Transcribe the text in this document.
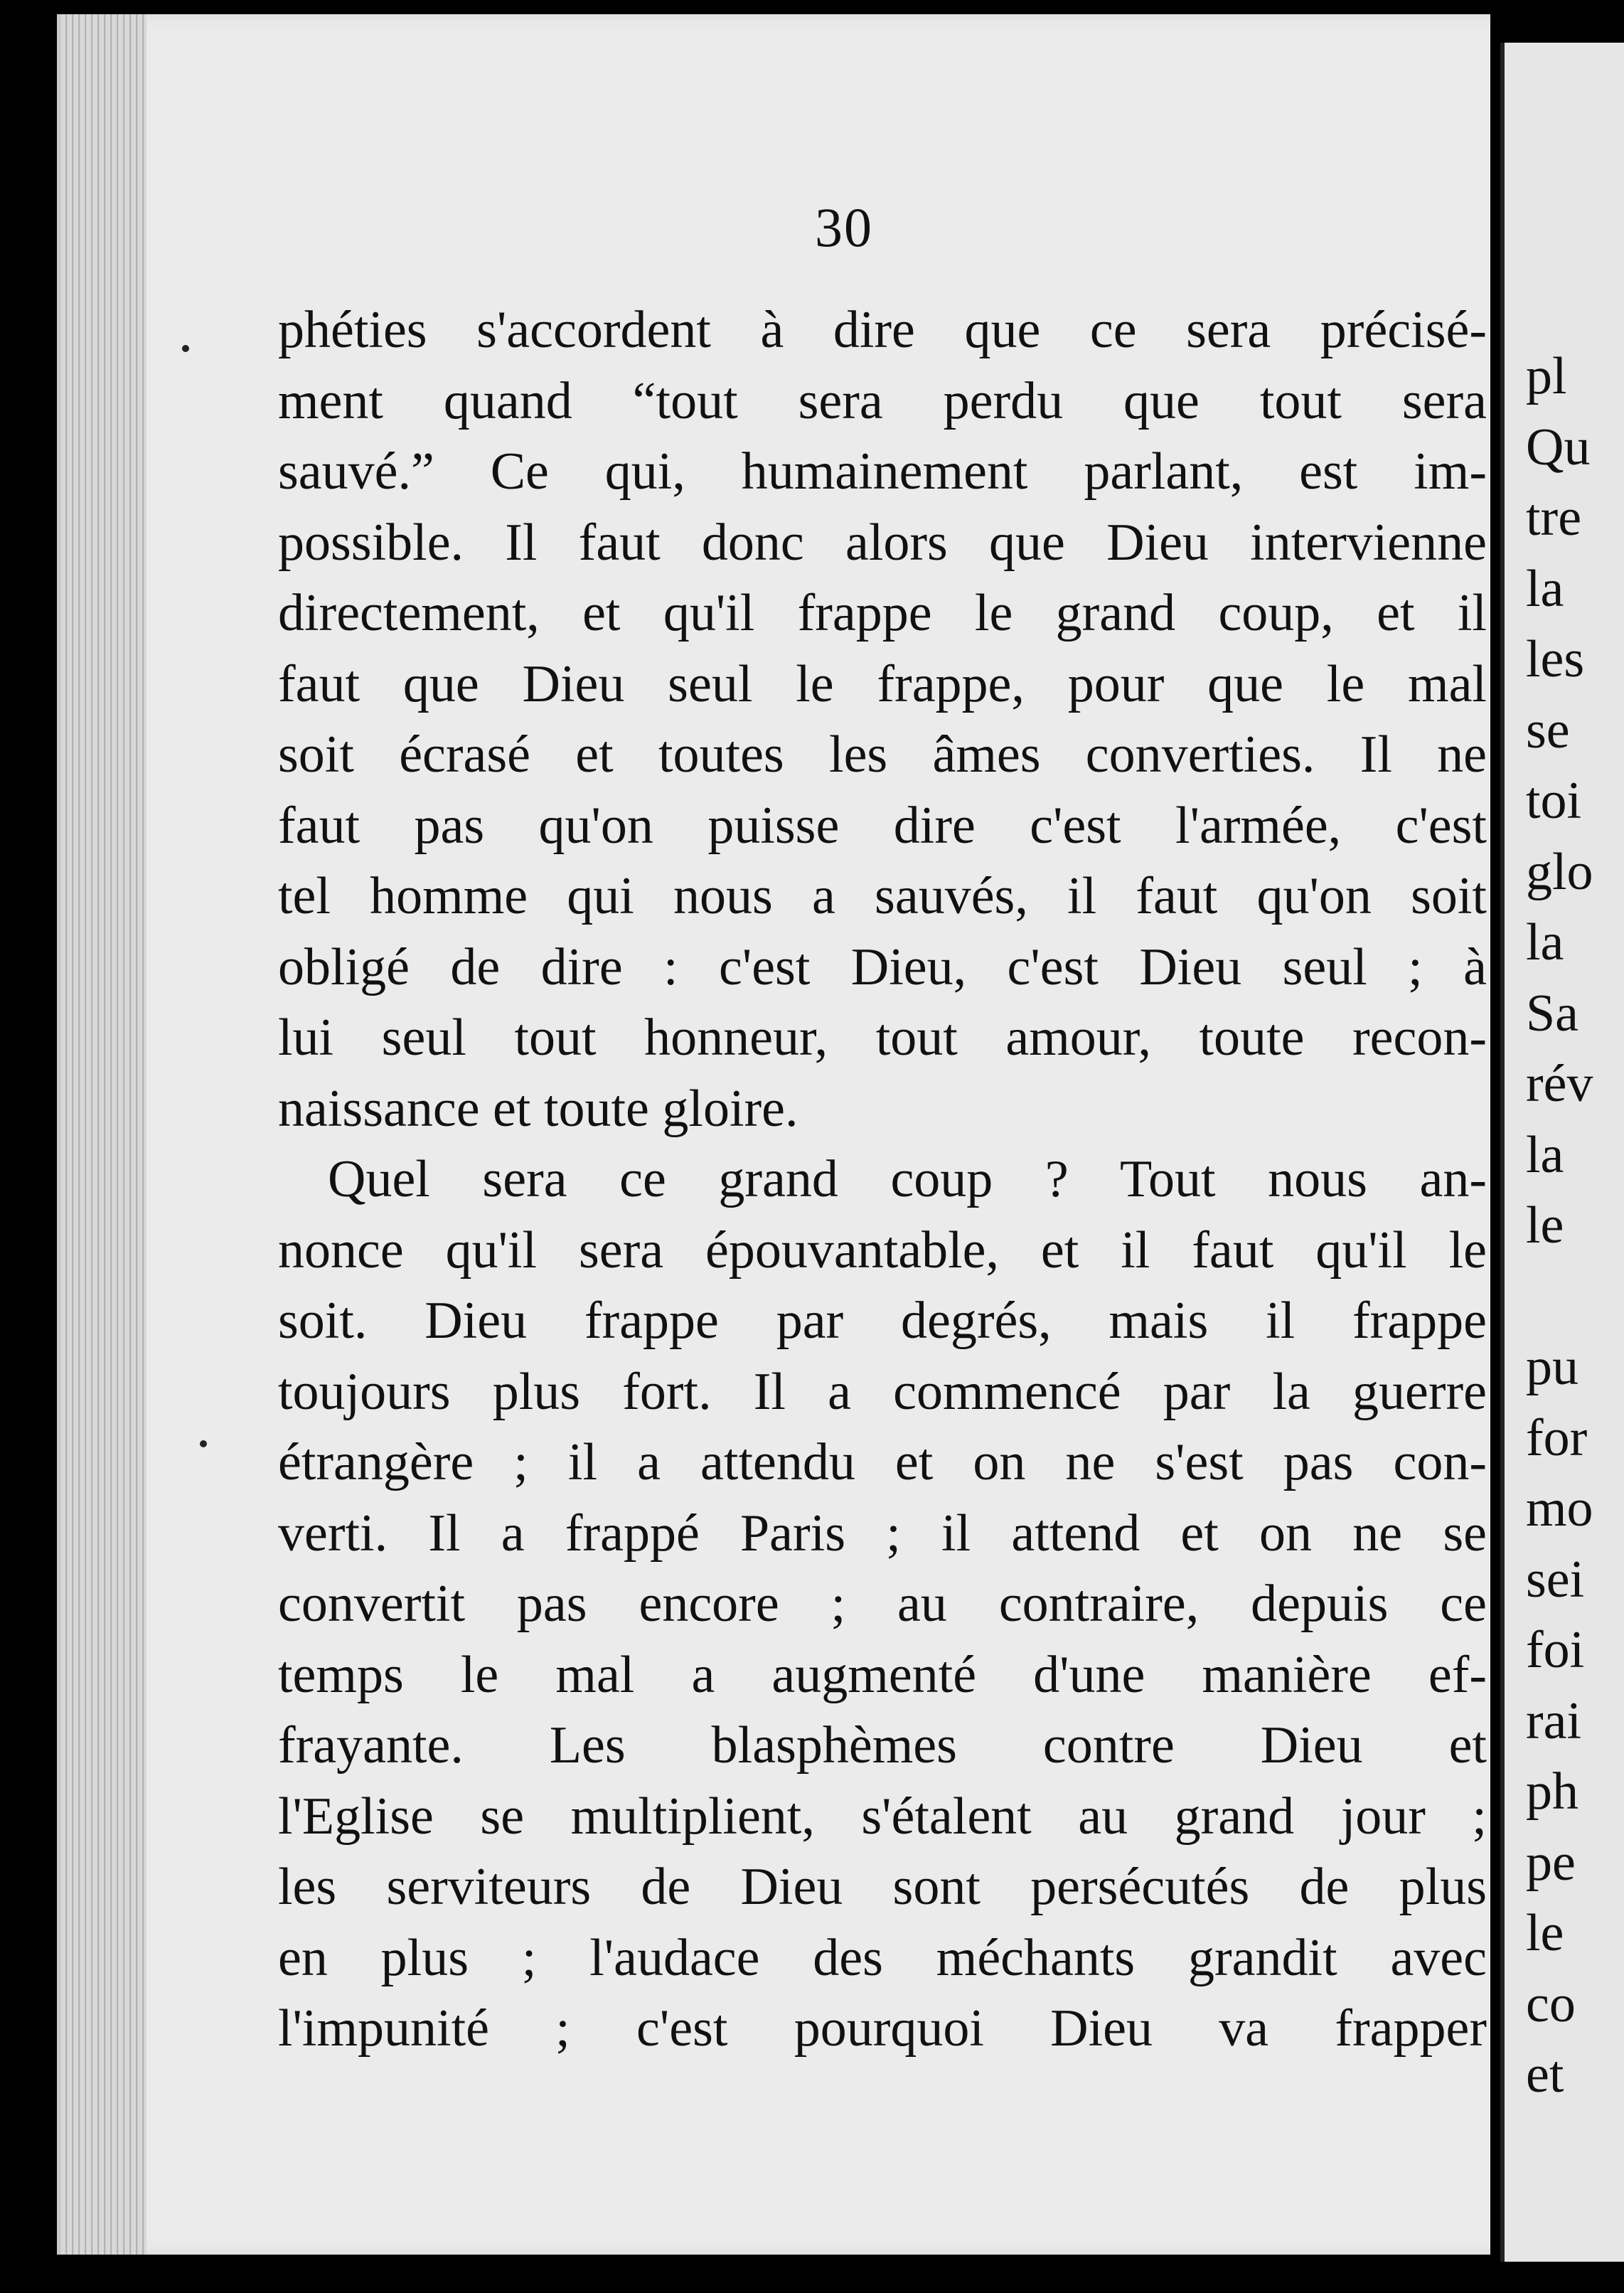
30
phéties s'accordent à dire que ce sera précisé-
ment quand “tout sera perdu que tout sera
sauvé.” Ce qui, humainement parlant, est im-
possible. Il faut donc alors que Dieu intervienne
directement, et qu'il frappe le grand coup, et il
faut que Dieu seul le frappe, pour que le mal
soit écrasé et toutes les âmes converties. Il ne
faut pas qu'on puisse dire c'est l'armée, c'est
tel homme qui nous a sauvés, il faut qu'on soit
obligé de dire : c'est Dieu, c'est Dieu seul ; à
lui seul tout honneur, tout amour, toute recon-
naissance et toute gloire.
Quel sera ce grand coup ? Tout nous an-
nonce qu'il sera épouvantable, et il faut qu'il le
soit. Dieu frappe par degrés, mais il frappe
toujours plus fort. Il a commencé par la guerre
étrangère ; il a attendu et on ne s'est pas con-
verti. Il a frappé Paris ; il attend et on ne se
convertit pas encore ; au contraire, depuis ce
temps le mal a augmenté d'une manière ef-
frayante. Les blasphèmes contre Dieu et
l'Eglise se multiplient, s'étalent au grand jour ;
les serviteurs de Dieu sont persécutés de plus
en plus ; l'audace des méchants grandit avec
l'impunité ; c'est pourquoi Dieu va frapper
pl
Qu
tre
la
les
se
toi
glo
la
Sa
rév
la
le
pu
for
mo
sei
foi
rai
ph
pe
le
co
et
